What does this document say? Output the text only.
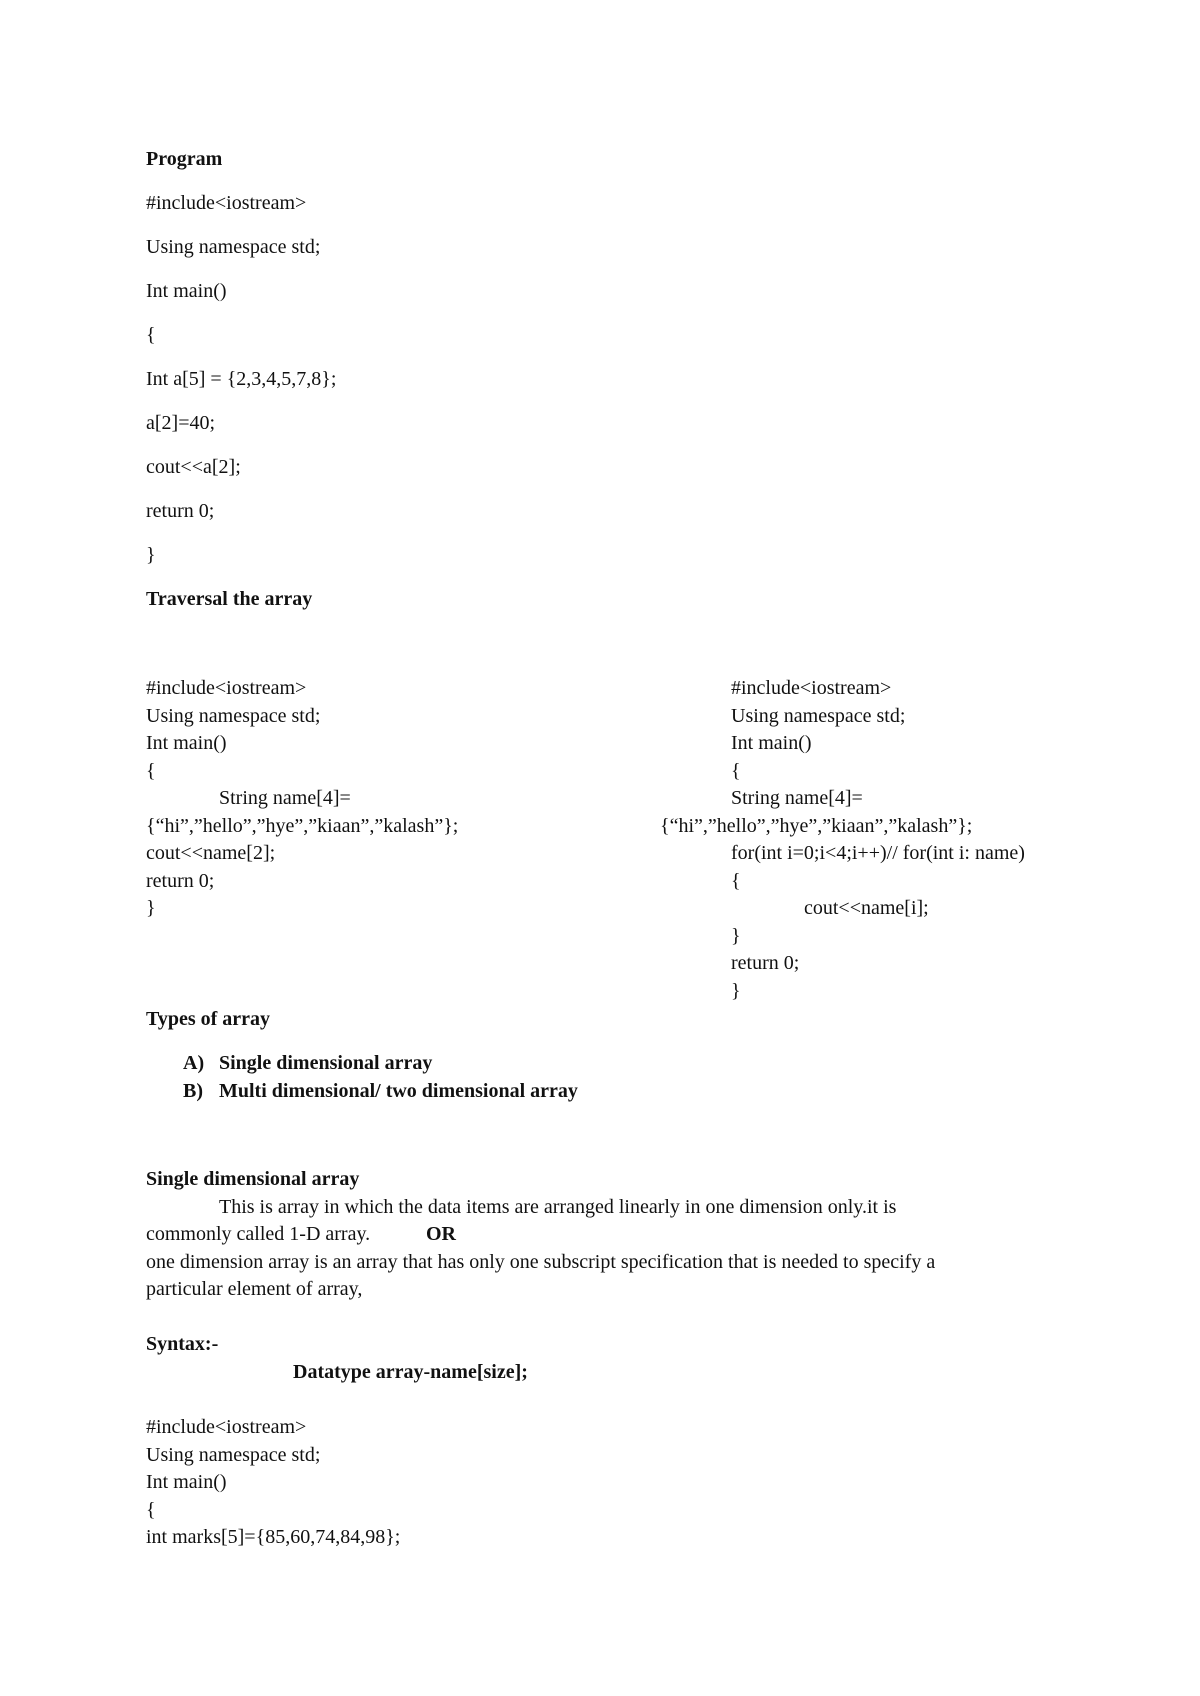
Program

#include<iostream>

Using namespace std;

Int main()

{

Int a[5] = {2,3,4,5,7,8};

a[2]=40;

cout<<a[2];

return 0;

}

Traversal the array

#include<iostream>

Using namespace std;

Int main()

{

String name[4]=

{“hi”,”hello”,”hye”,”kiaan”,”kalash”};

cout<<name[2];

return 0;

}

#include<iostream>

Using namespace std;

Int main()

{

String name[4]=

{“hi”,”hello”,”hye”,”kiaan”,”kalash”};

for(int i=0;i<4;i++)// for(int i: name)

{

cout<<name[i];

}

return 0;

}

Types of array

A) Single dimensional array

B) Multi dimensional/ two dimensional array

Single dimensional array

This is array in which the data items are arranged linearly in one dimension only.it is

commonly called 1-D array.	OR

one dimension array is an array that has only one subscript specification that is needed to specify a

particular element of array,

Syntax:-

Datatype array-name[size];

#include<iostream>

Using namespace std;

Int main()

{

int marks[5]={85,60,74,84,98};
